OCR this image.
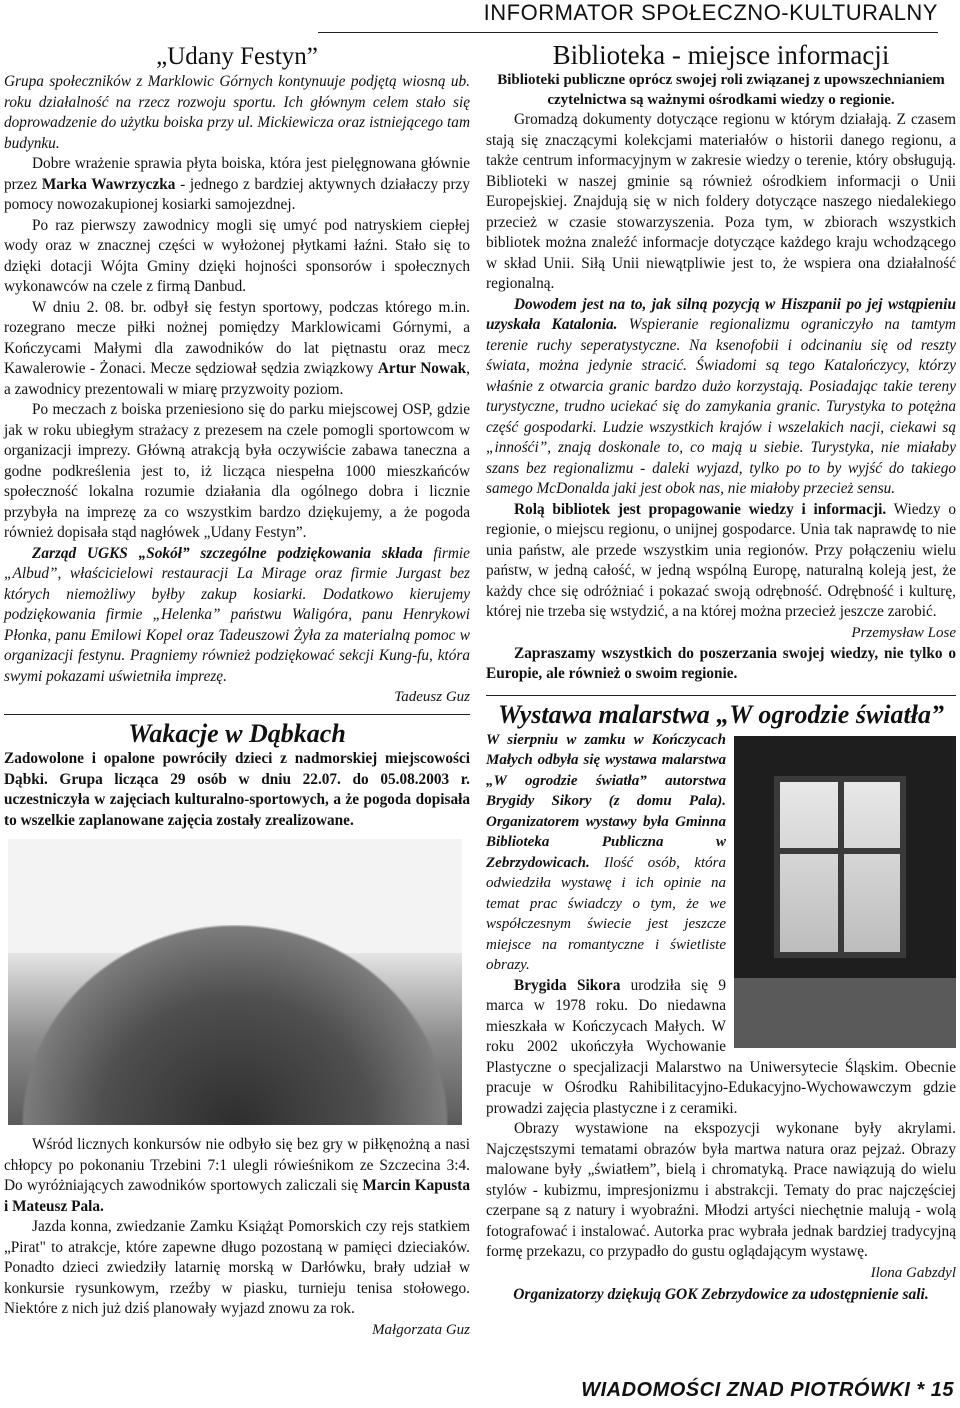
INFORMATOR SPOŁECZNO-KULTURALNY
„Udany Festyn”

Grupa społeczników z Marklowic Górnych kontynuuje podjętą wiosną ub. roku działalność na rzecz rozwoju sportu. Ich głównym celem stało się doprowadzenie do użytku boiska przy ul. Mickiewicza oraz istniejącego tam budynku.

Dobre wrażenie sprawia płyta boiska, która jest pielęgnowana głównie przez Marka Wawrzyczka - jednego z bardziej aktywnych działaczy przy pomocy nowozakupionej kosiarki samojezdnej.

Po raz pierwszy zawodnicy mogli się umyć pod natryskiem ciepłej wody oraz w znacznej części w wyłożonej płytkami łaźni. Stało się to dzięki dotacji Wójta Gminy dzięki hojności sponsorów i społecznych wykonawców na czele z firmą Danbud.

W dniu 2. 08. br. odbył się festyn sportowy, podczas którego m.in. rozegrano mecze piłki nożnej pomiędzy Marklowicami Górnymi, a Kończycami Małymi dla zawodników do lat piętnastu oraz mecz Kawalerowie - Żonaci. Mecze sędziował sędzia związkowy Artur Nowak, a zawodnicy prezentowali w miarę przyzwoity poziom.

Po meczach z boiska przeniesiono się do parku miejscowej OSP, gdzie jak w roku ubiegłym strażacy z prezesem na czele pomogli sportowcom w organizacji imprezy. Główną atrakcją była oczywiście zabawa taneczna a godne podkreślenia jest to, iż licząca niespełna 1000 mieszkańców społeczność lokalna rozumie działania dla ogólnego dobra i licznie przybyła na imprezę za co wszystkim bardzo dziękujemy, a że pogoda również dopisała stąd nagłówek „Udany Festyn”.

Zarząd UGKS „Sokół” szczególne podziękowania składa firmie „Albud”, właścicielowi restauracji La Mirage oraz firmie Jurgast bez których niemożliwy byłby zakup kosiarki. Dodatkowo kierujemy podziękowania firmie „Helenka” państwu Waligóra, panu Henrykowi Płonka, panu Emilowi Kopel oraz Tadeuszowi Żyła za materialną pomoc w organizacji festynu. Pragniemy również podziękować sekcji Kung-fu, która swymi pokazami uświetniła imprezę.

Tadeusz Guz
Wakacje w Dąbkach

Zadowolone i opalone powróciły dzieci z nadmorskiej miejscowości Dąbki. Grupa licząca 29 osób w dniu 22.07. do 05.08.2003 r. uczestniczyła w zajęciach kulturalno-sportowych, a że pogoda dopisała to wszelkie zaplanowane zajęcia zostały zrealizowane.

Wśród licznych konkursów nie odbyło się bez gry w piłkęnożną a nasi chłopcy po pokonaniu Trzebini 7:1 ulegli rówieśnikom ze Szczecina 3:4. Do wyróżniających zawodników sportowych zaliczali się Marcin Kapusta i Mateusz Pala.

Jazda konna, zwiedzanie Zamku Książąt Pomorskich czy rejs statkiem „Pirat" to atrakcje, które zapewne długo pozostaną w pamięci dzieciaków. Ponadto dzieci zwiedziły latarnię morską w Darłówku, brały udział w konkursie rysunkowym, rzeźby w piasku, turnieju tenisa stołowego. Niektóre z nich już dziś planowały wyjazd znowu za rok.

Małgorzata Guz
Biblioteka - miejsce informacji

Biblioteki publiczne oprócz swojej roli związanej z upowszechnianiem czytelnictwa są ważnymi ośrodkami wiedzy o regionie.

Gromadzą dokumenty dotyczące regionu w którym działają. Z czasem stają się znaczącymi kolekcjami materiałów o historii danego regionu, a także centrum informacyjnym w zakresie wiedzy o terenie, który obsługują. Biblioteki w naszej gminie są również ośrodkiem informacji o Unii Europejskiej. Znajdują się w nich foldery dotyczące naszego niedalekiego przecież w czasie stowarzyszenia. Poza tym, w zbiorach wszystkich bibliotek można znaleźć informacje dotyczące każdego kraju wchodzącego w skład Unii. Siłą Unii niewątpliwie jest to, że wspiera ona działalność regionalną.

Dowodem jest na to, jak silną pozycją w Hiszpanii po jej wstąpieniu uzyskała Katalonia. Wspieranie regionalizmu ograniczyło na tamtym terenie ruchy seperatystyczne. Na ksenofobii i odcinaniu się od reszty świata, można jedynie stracić. Świadomi są tego Katalończycy, którzy właśnie z otwarcia granic bardzo dużo korzystają. Posiadając takie tereny turystyczne, trudno uciekać się do zamykania granic. Turystyka to potężna część gospodarki. Ludzie wszystkich krajów i wszelakich nacji, ciekawi są „innośći”, znają doskonale to, co mają u siebie. Turystyka, nie miałaby szans bez regionalizmu - daleki wyjazd, tylko po to by wyjść do takiego samego McDonalda jaki jest obok nas, nie miałoby przecież sensu.

Rolą bibliotek jest propagowanie wiedzy i informacji. Wiedzy o regionie, o miejscu regionu, o unijnej gospodarce. Unia tak naprawdę to nie unia państw, ale przede wszystkim unia regionów. Przy połączeniu wielu państw, w jedną całość, w jedną wspólną Europę, naturalną koleją jest, że każdy chce się odróżniać i pokazać swoją odrębność. Odrębność i kulturę, której nie trzeba się wstydzić, a na której można przecież jeszcze zarobić.

Przemysław Lose

Zapraszamy wszystkich do poszerzania swojej wiedzy, nie tylko o Europie, ale również o swoim regionie.

Wystawa malarstwa „W ogrodzie światła”

W sierpniu w zamku w Kończycach Małych odbyła się wystawa malarstwa „W ogrodzie światła” autorstwa Brygidy Sikory (z domu Pala). Organizatorem wystawy była Gminna Biblioteka Publiczna w Zebrzydowicach. Ilość osób, która odwiedziła wystawę i ich opinie na temat prac świadczy o tym, że we współczesnym świecie jest jeszcze miejsce na romantyczne i świetliste obrazy.

Brygida Sikora urodziła się 9 marca w 1978 roku. Do niedawna mieszkała w Kończycach Małych. W roku 2002 ukończyła Wychowanie Plastyczne o specjalizacji Malarstwo na Uniwersytecie Śląskim. Obecnie pracuje w Ośrodku Rahibilitacyjno-Edukacyjno-Wychowawczym gdzie prowadzi zajęcia plastyczne i z ceramiki.

Obrazy wystawione na ekspozycji wykonane były akrylami. Najczęstszymi tematami obrazów była martwa natura oraz pejzaż. Obrazy malowane były „światłem”, bielą i chromatyką. Prace nawiązują do wielu stylów - kubizmu, impresjonizmu i abstrakcji. Tematy do prac najczęściej czerpane są z natury i wyobraźni. Młodzi artyści niechętnie malują - wolą fotografować i instalować. Autorka prac wybrała jednak bardziej tradycyjną formę przekazu, co przypadło do gustu oglądającym wystawę.

Ilona Gabzdyl
Organizatorzy dziękują GOK Zebrzydowice za udostępnienie sali.
WIADOMOŚCI ZNAD PIOTRÓWKI * 15
